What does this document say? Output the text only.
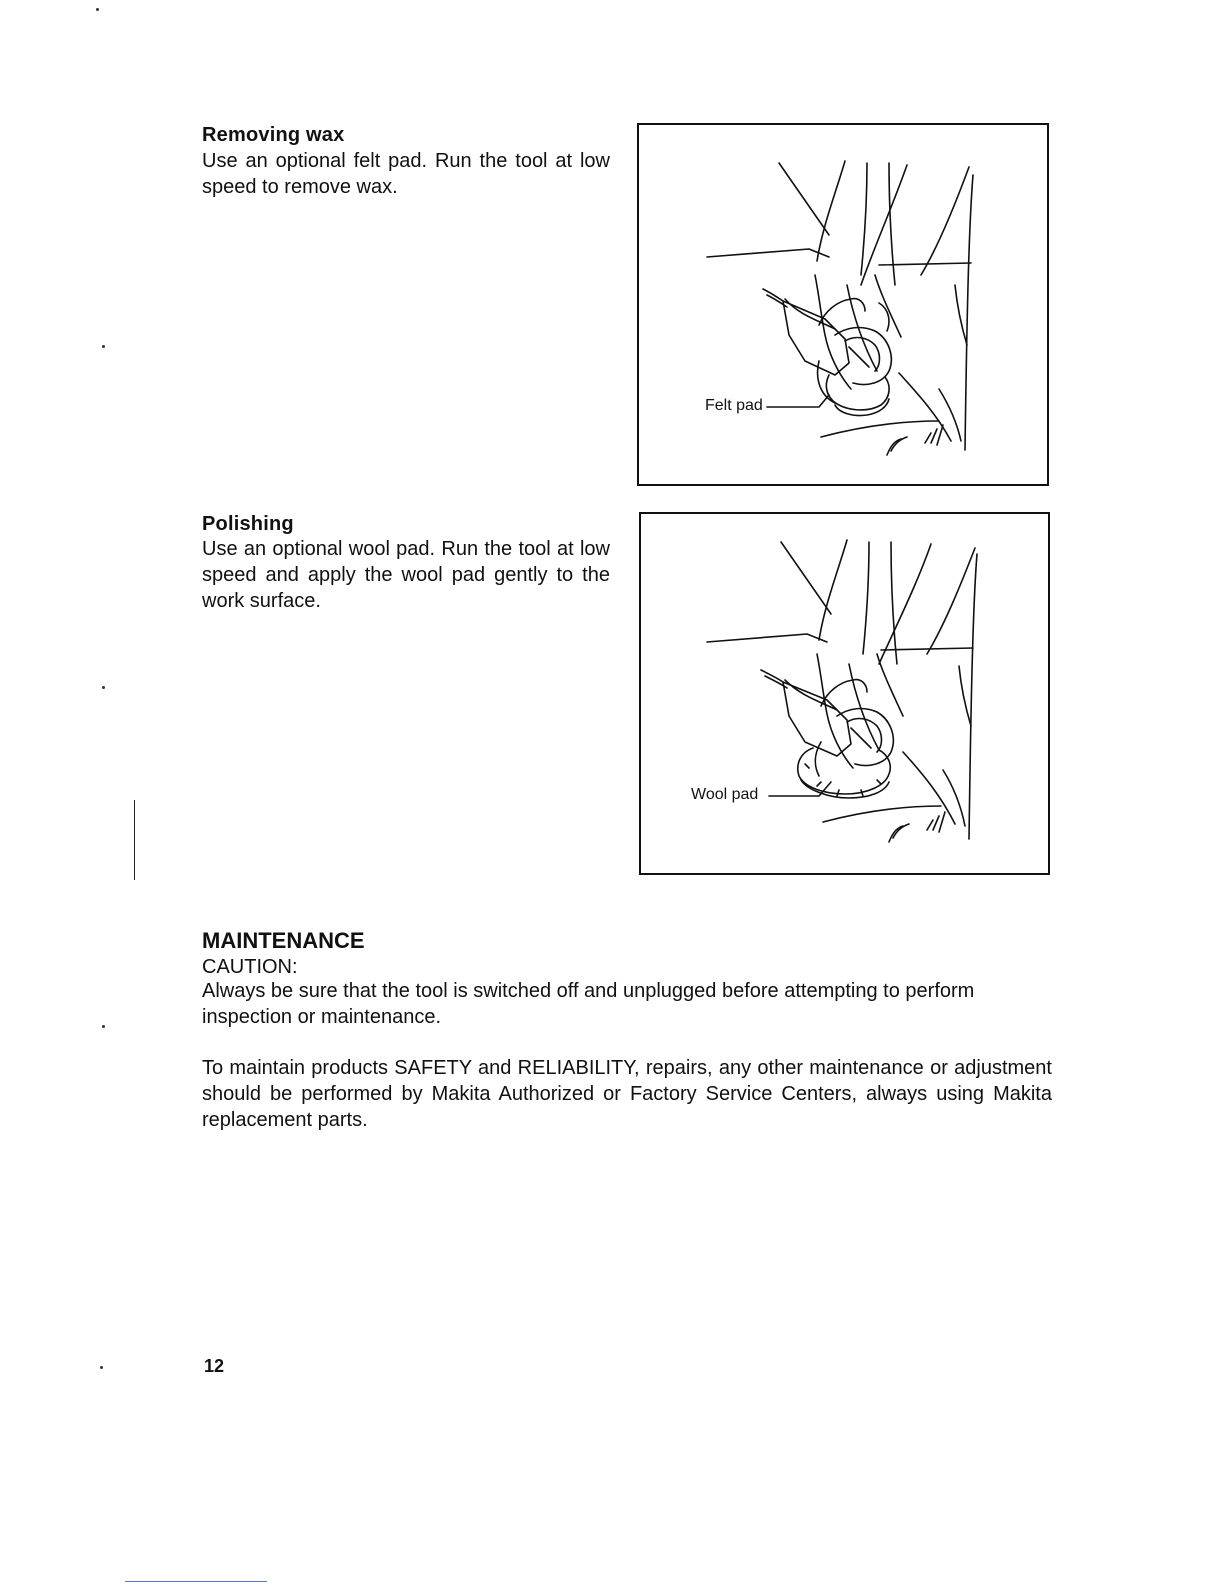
Removing wax
Use an optional felt pad. Run the tool at low speed to remove wax.
Felt pad
Polishing
Use an optional wool pad. Run the tool at low speed and apply the wool pad gently to the work surface.
Wool pad
MAINTENANCE
CAUTION:
Always be sure that the tool is switched off and unplugged before attempting to perform inspection or maintenance.
To maintain products SAFETY and RELIABILITY, repairs, any other maintenance or adjustment should be performed by Makita Authorized or Factory Service Centers, always using Makita replacement parts.
12
